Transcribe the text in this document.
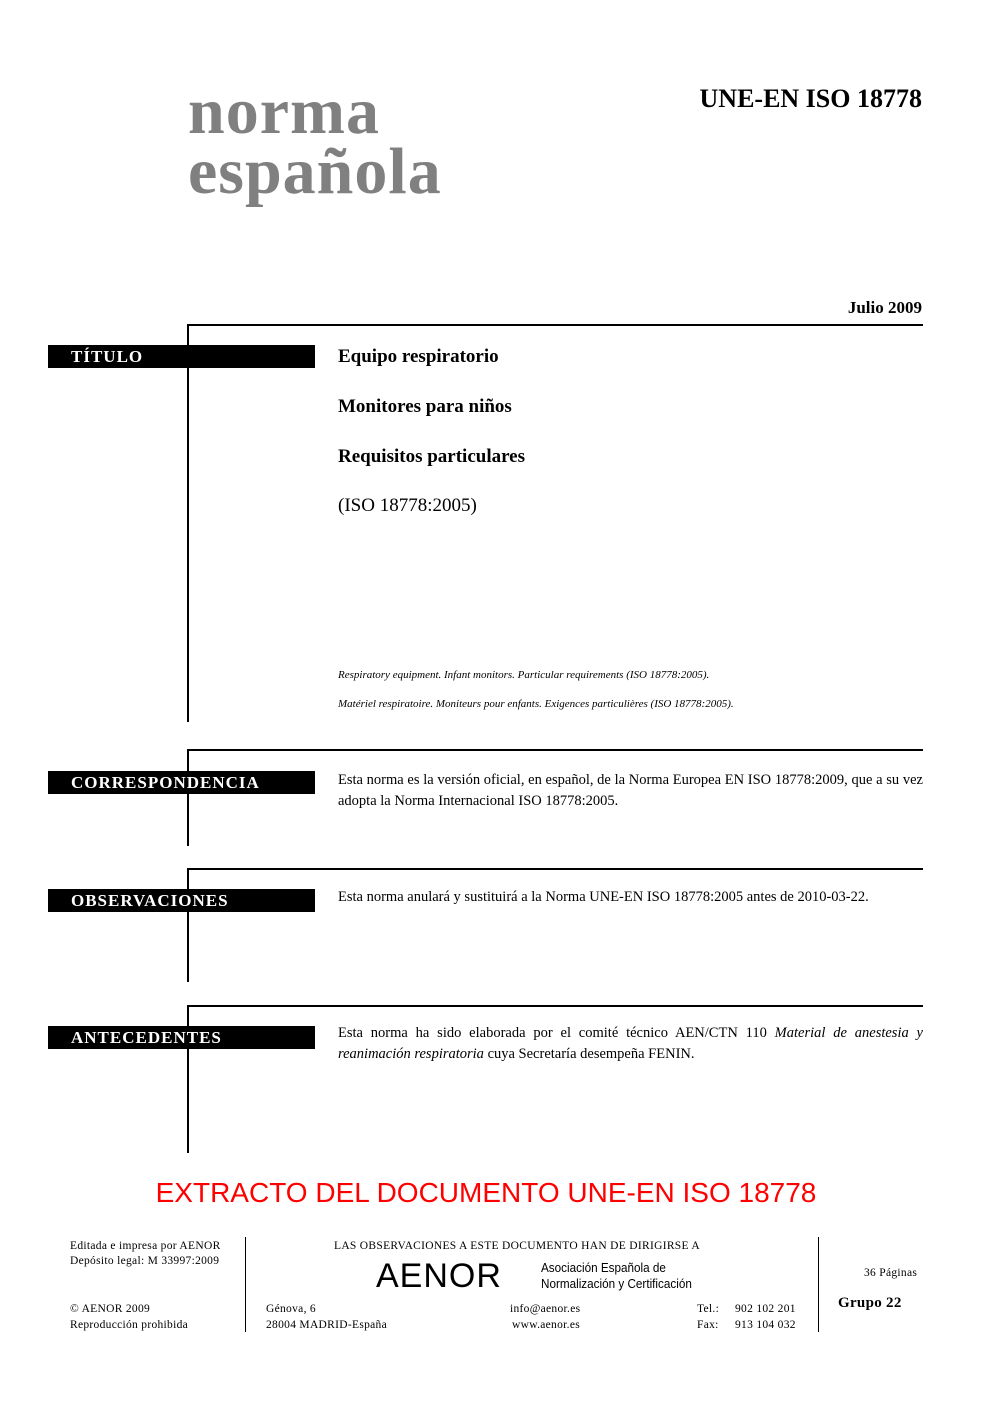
norma
española
UNE-EN ISO 18778
Julio 2009
TÍTULO	Equipo respiratorio
Monitores para niños
Requisitos particulares
(ISO 18778:2005)
Respiratory equipment. Infant monitors. Particular requirements (ISO 18778:2005).
Matériel respiratoire. Moniteurs pour enfants. Exigences particulières (ISO 18778:2005).
CORRESPONDENCIA	Esta norma es la versión oficial, en español, de la Norma Europea EN ISO 18778:2009, que a su vez adopta la Norma Internacional ISO 18778:2005.
OBSERVACIONES	Esta norma anulará y sustituirá a la Norma UNE-EN ISO 18778:2005 antes de 2010-03-22.
ANTECEDENTES	Esta norma ha sido elaborada por el comité técnico AEN/CTN 110 Material de anestesia y reanimación respiratoria cuya Secretaría desempeña FENIN.
EXTRACTO DEL DOCUMENTO UNE-EN ISO 18778
Editada e impresa por AENOR
Depósito legal: M 33997:2009
© AENOR 2009
Reproducción prohibida
LAS OBSERVACIONES A ESTE DOCUMENTO HAN DE DIRIGIRSE A
AENOR	Asociación Española de
Normalización y Certificación
Génova, 6
28004 MADRID-España
info@aenor.es
www.aenor.es
Tel.: 902 102 201
Fax: 913 104 032
36 Páginas
Grupo 22
